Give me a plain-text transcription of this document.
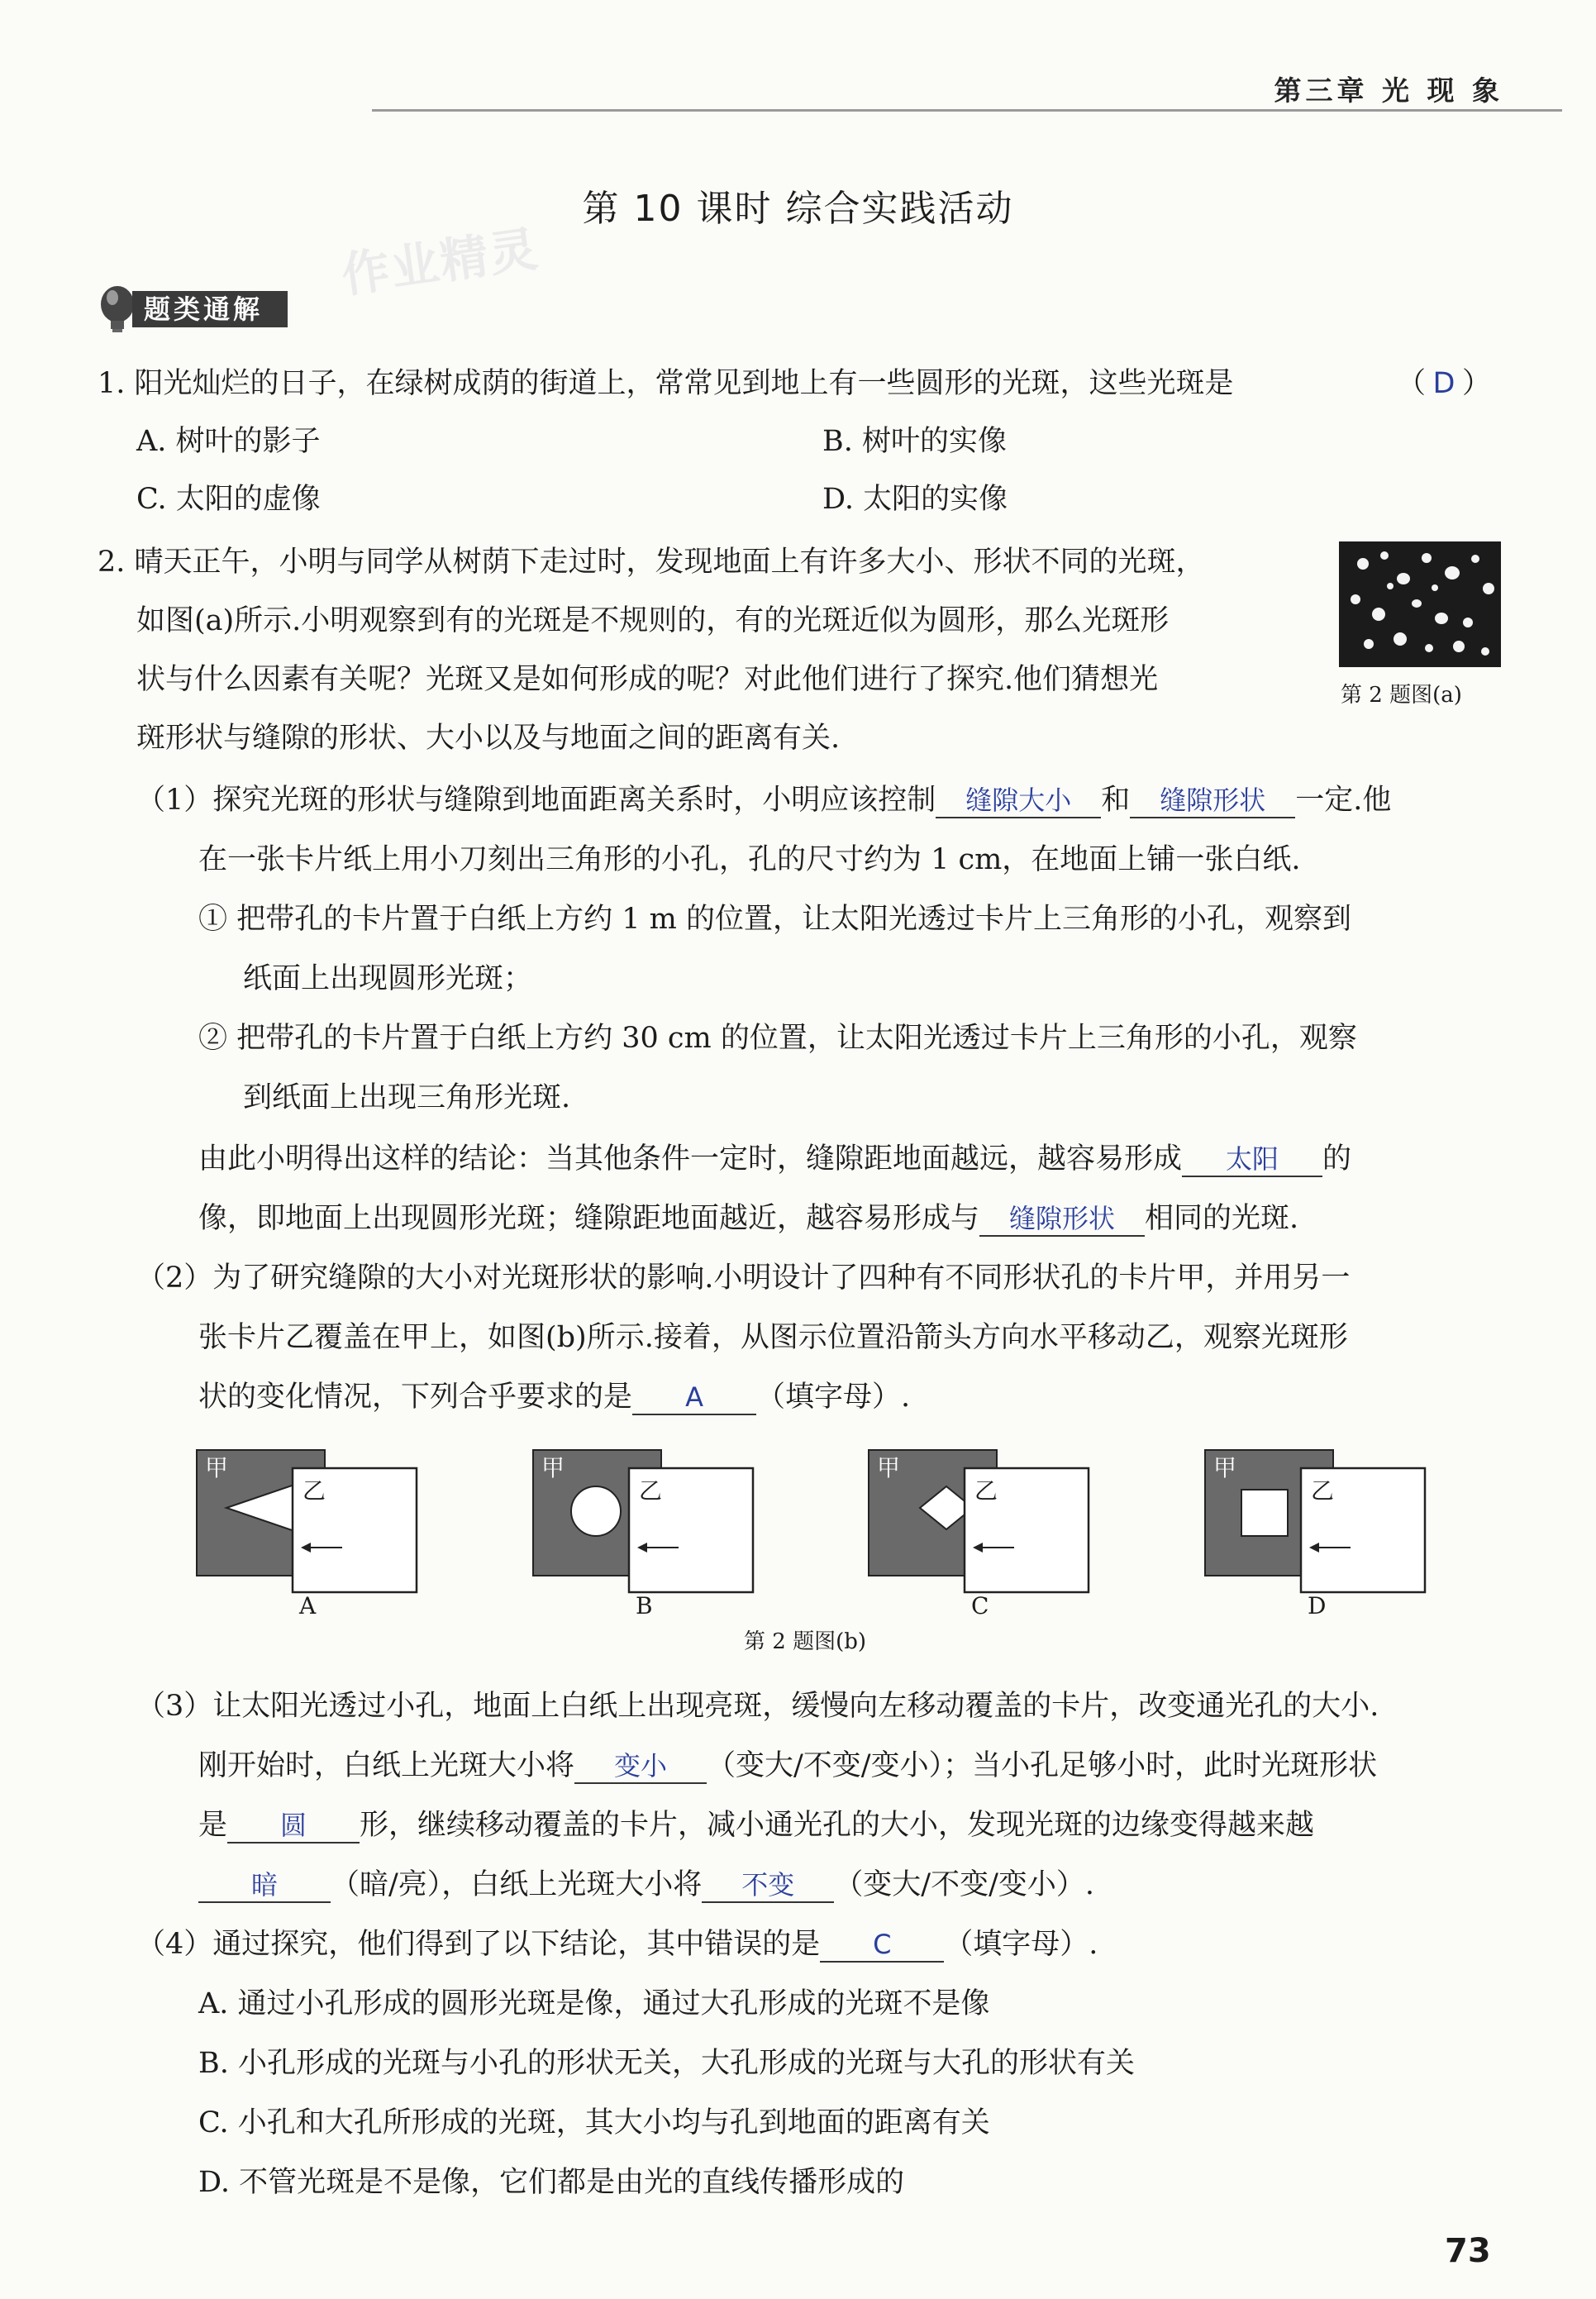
第三章 光 现 象
第 10 课时 综合实践活动
作业精灵
题类通解
1. 阳光灿烂的日子，在绿树成荫的街道上，常常见到地上有一些圆形的光斑，这些光斑是	（ D ）
A. 树叶的影子	B. 树叶的实像
C. 太阳的虚像	D. 太阳的实像
2. 晴天正午，小明与同学从树荫下走过时，发现地面上有许多大小、形状不同的光斑，
如图(a)所示.小明观察到有的光斑是不规则的，有的光斑近似为圆形，那么光斑形
状与什么因素有关呢？光斑又是如何形成的呢？对此他们进行了探究.他们猜想光
斑形状与缝隙的形状、大小以及与地面之间的距离有关.
第 2 题图(a)
（1）探究光斑的形状与缝隙到地面距离关系时，小明应该控制 缝隙大小 和 缝隙形状 一定.他
在一张卡片纸上用小刀刻出三角形的小孔，孔的尺寸约为 1 cm，在地面上铺一张白纸.
① 把带孔的卡片置于白纸上方约 1 m 的位置，让太阳光透过卡片上三角形的小孔，观察到
纸面上出现圆形光斑；
② 把带孔的卡片置于白纸上方约 30 cm 的位置，让太阳光透过卡片上三角形的小孔，观察
到纸面上出现三角形光斑.
由此小明得出这样的结论：当其他条件一定时，缝隙距地面越远，越容易形成 太阳 的
像，即地面上出现圆形光斑；缝隙距地面越近，越容易形成与 缝隙形状 相同的光斑.
（2）为了研究缝隙的大小对光斑形状的影响.小明设计了四种有不同形状孔的卡片甲，并用另一
张卡片乙覆盖在甲上，如图(b)所示.接着，从图示位置沿箭头方向水平移动乙，观察光斑形
状的变化情况，下列合乎要求的是 A （填字母）.
甲
乙
甲
乙
甲
乙
甲
乙
A	B	C	D
第 2 题图(b)
（3）让太阳光透过小孔，地面上白纸上出现亮斑，缓慢向左移动覆盖的卡片，改变通光孔的大小.
刚开始时，白纸上光斑大小将 变小 （变大/不变/变小）；当小孔足够小时，此时光斑形状
是 圆 形，继续移动覆盖的卡片，减小通光孔的大小，发现光斑的边缘变得越来越
暗 （暗/亮），白纸上光斑大小将 不变 （变大/不变/变小）.
（4）通过探究，他们得到了以下结论，其中错误的是 C （填字母）.
A. 通过小孔形成的圆形光斑是像，通过大孔形成的光斑不是像
B. 小孔形成的光斑与小孔的形状无关，大孔形成的光斑与大孔的形状有关
C. 小孔和大孔所形成的光斑，其大小均与孔到地面的距离有关
D. 不管光斑是不是像，它们都是由光的直线传播形成的
73
